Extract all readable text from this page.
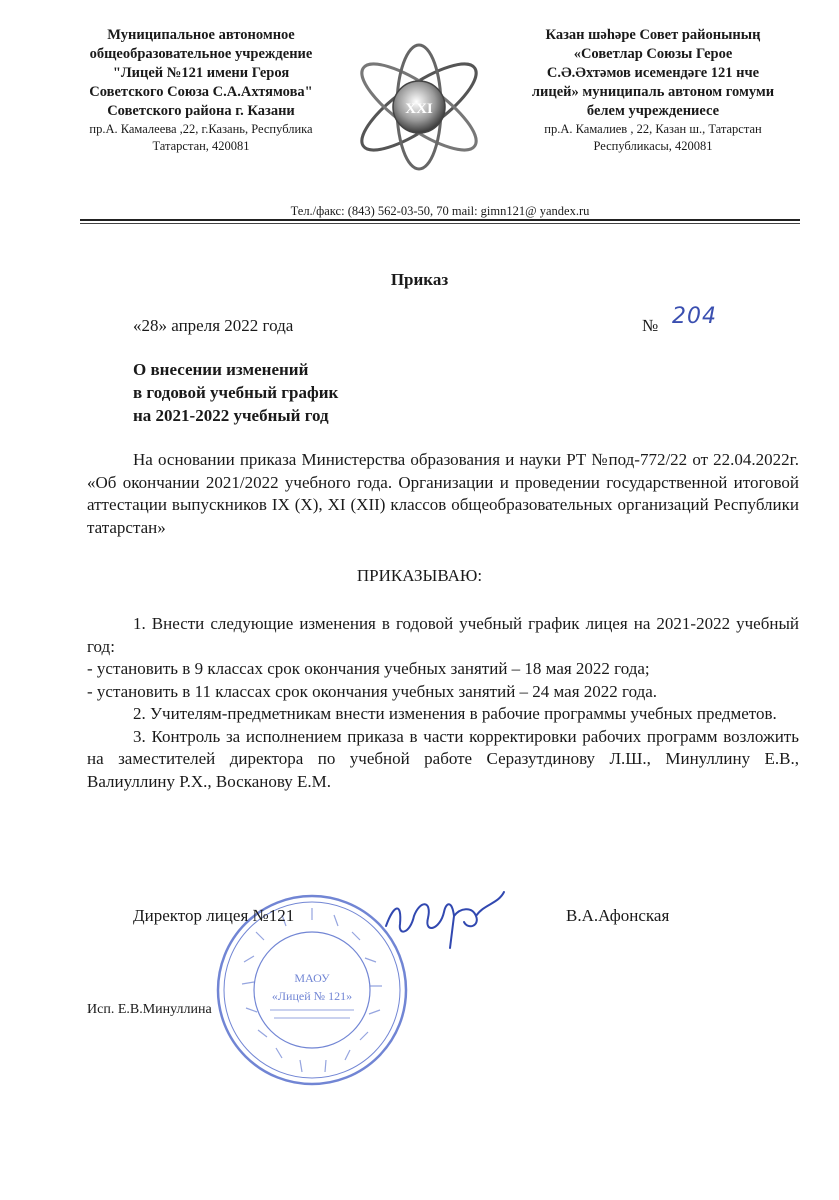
Муниципальное автономное
общеобразовательное учреждение
"Лицей №121 имени Героя
Советского Союза С.А.Ахтямова"
Советского района г. Казани
пр.А. Камалеева ,22, г.Казань, Республика
Татарстан, 420081
XXI
Казан шәһәре Совет районының
«Советлар Союзы Герое
С.Ә.Әхтәмов исемендәге 121 нче
лицей» муниципаль автоном гомуми
белем учреждениесе
пр.А. Камалиев , 22, Казан ш., Татарстан
Республикасы, 420081
Тел./факс: (843) 562-03-50, 70 mail: gimn121@ yandex.ru
Приказ
«28» апреля 2022 года	№ 204
О внесении изменений
в годовой учебный график
на 2021-2022 учебный год

На основании приказа Министерства образования и науки РТ №под-772/22 от 22.04.2022г. «Об окончании 2021/2022 учебного года. Организации и проведении государственной итоговой аттестации выпускников IX (X), XI (XII) классов общеобразовательных организаций Республики татарстан»

ПРИКАЗЫВАЮ:

1. Внести следующие изменения в годовой учебный график лицея на 2021-2022 учебный год:

- установить в 9 классах срок окончания учебных занятий – 18 мая 2022 года;

- установить в 11 классах срок окончания учебных занятий – 24 мая 2022 года.

2. Учителям-предметникам внести изменения в рабочие программы учебных предметов.

3. Контроль за исполнением приказа в части корректировки рабочих программ возложить на заместителей директора по учебной работе Серазутдинову Л.Ш., Минуллину Е.В., Валиуллину Р.Х., Восканову Е.М.

МАОУ
«Лицей № 121»
Директор лицея №121	В.А.Афонская
Исп. Е.В.Минуллина
